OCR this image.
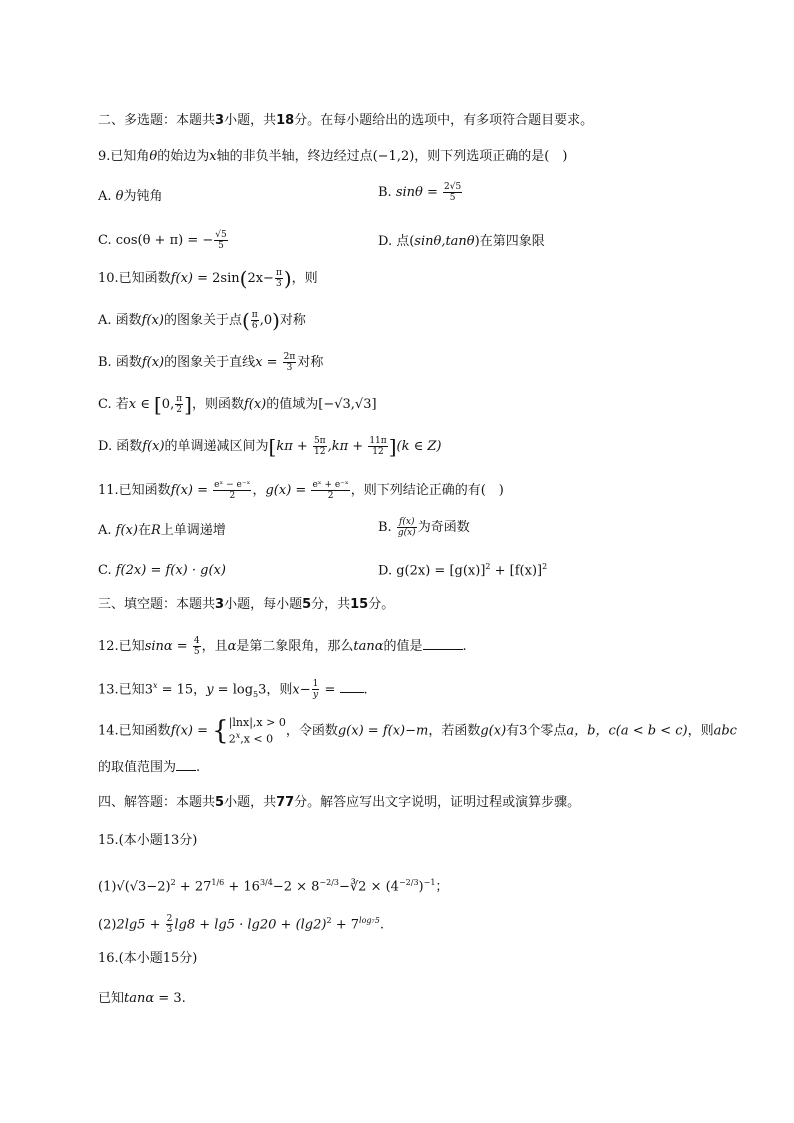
二、多选题：本题共3小题，共18分。在每小题给出的选项中，有多项符合题目要求。
9.已知角θ的始边为x轴的非负半轴，终边经过点(−1,2)，则下列选项正确的是(　)
A. θ为钝角	B. $\sin\theta = \frac{2√5}{5}$
C. cos(θ + π) = − $\frac{√5}{5}$	D. 点(sinθ,tanθ)在第四象限
10.已知函数$f(x) = 2\sin(2x- \frac{\pi}{3}$ )，则
A. 函数f(x)的图象关于点( $\frac{\pi}{6} ,0$)对称
B. 函数f(x)的图象关于直线$x = \frac{2\pi}{3}$ 对称
C. 若x ∈ [0, $\frac{\pi}{2}$ ]，则函数f(x)的值域为[−√3,√3]
D. 函数f(x)的单调递减区间为$[k\pi + \frac{5\pi}{12} ,k\pi + \frac{11\pi}{12} ](k$ ∈ Z)
11.已知函数$f(x) = \frac{\text{eˣ − e⁻ˣ}}{2}$ ，$g(x) = \frac{\text{eˣ + e⁻ˣ}}{2}$ ，则下列结论正确的有(　)
A. f(x)在R上单调递增	B. $\frac{f(x)}{g(x)}$ 为奇函数
C. f(2x) = f(x) · g(x)	D. $g(2x) = [g(x)]^2 + [f(x)]^2$
三、填空题：本题共3小题，每小题5分，共15分。
12.已知$\sin\alpha = \frac{4}{5}$ ，且α是第二象限角，那么tanα的值是	.
13.已知$3^x = 15$，$y = \log_53$，则$x- \frac{1}{y}$ = .
14.已知函数f(x) = { |lnx|,x > 0
$2^x,x < 0$
，令函数g(x) = f(x)−m，若函数g(x)有3个零点a，b，c(a < b < c)，则abc
的取值范围为 .
四、解答题：本题共5小题，共77分。解答应写出文字说明，证明过程或演算步骤。
15.(本小题13分)
$(1)√(√3-2)^2 + 27^{1/6} + 16^{3/4}-2$ × $8^{-2/3}-∛2 \times (4^{-2/3})^{-1}$；
$(2)2\lg 5 + \frac{2}{3} \lg 8 + \lg 5 \cdot \lg 20 + (\lg 2)^2 + 7^{log_75}$.
16.(本小题15分)
已知tanα = 3.
